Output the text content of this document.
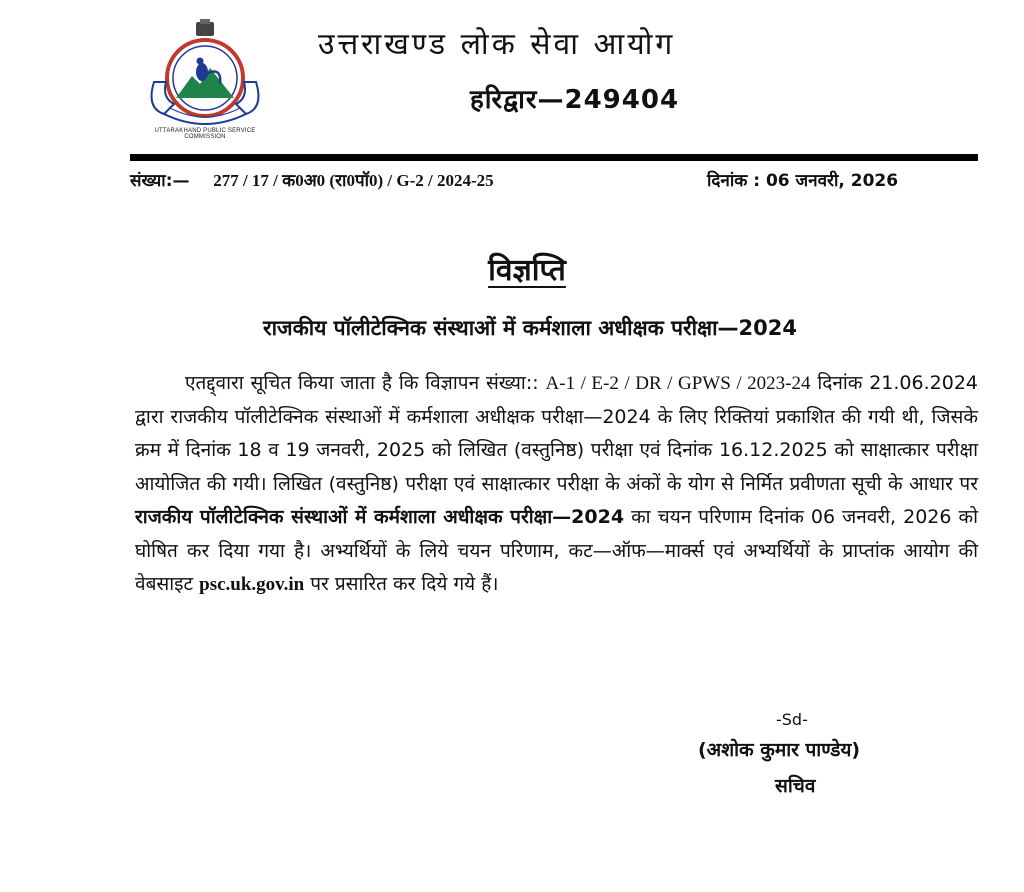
UTTARAKHAND PUBLIC SERVICE COMMISSION
उत्तराखण्ड लोक सेवा आयोग
हरिद्वार—249404
संख्या:— 277 / 17 / क0अ0 (रा0पॉ0) / G-2 / 2024-25	दिनांक : 06 जनवरी, 2026
विज्ञप्ति
राजकीय पॉलीटेक्निक संस्थाओं में कर्मशाला अधीक्षक परीक्षा—2024
एतद्द्वारा सूचित किया जाता है कि विज्ञापन संख्या:: A-1 / E-2 / DR / GPWS / 2023-24 दिनांक 21.06.2024 द्वारा राजकीय पॉलीटेक्निक संस्थाओं में कर्मशाला अधीक्षक परीक्षा—2024 के लिए रिक्तियां प्रकाशित की गयी थी, जिसके क्रम में दिनांक 18 व 19 जनवरी, 2025 को लिखित (वस्तुनिष्ठ) परीक्षा एवं दिनांक 16.12.2025 को साक्षात्कार परीक्षा आयोजित की गयी। लिखित (वस्तुनिष्ठ) परीक्षा एवं साक्षात्कार परीक्षा के अंकों के योग से निर्मित प्रवीणता सूची के आधार पर राजकीय पॉलीटेक्निक संस्थाओं में कर्मशाला अधीक्षक परीक्षा—2024 का चयन परिणाम दिनांक 06 जनवरी, 2026 को घोषित कर दिया गया है। अभ्यर्थियों के लिये चयन परिणाम, कट—ऑफ—मार्क्स एवं अभ्यर्थियों के प्राप्तांक आयोग की वेबसाइट psc.uk.gov.in पर प्रसारित कर दिये गये हैं।
-Sd-
(अशोक कुमार पाण्डेय)
सचिव
